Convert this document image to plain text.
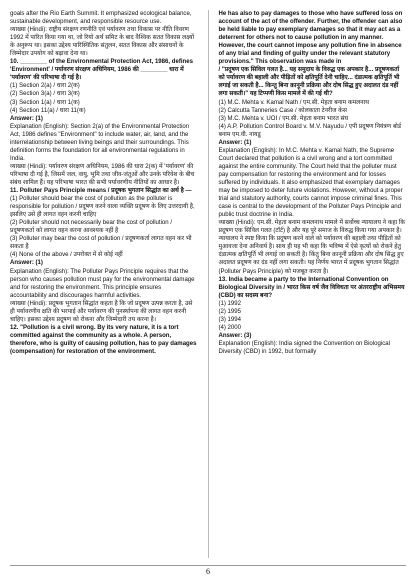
goals after the Rio Earth Summit. It emphasized ecological balance, sustainable development, and responsible resource use.

व्याख्या (Hindi): राष्ट्रीय संरक्षण रणनीति एवं पर्यावरण तथा विकास पर नीति विवरण 1992 में पारित किया गया था, जो रियो अर्थ समिट के बाद वैश्विक सतत विकास लक्ष्यों के अनुरूप था। इसका उद्देश्य पारिस्थितिक संतुलन, सतत विकास और संसाधनों के जिम्मेदार उपयोग को बढ़ावा देना था।

10. ________ of the Environmental Protection Act, 1986, defines 'Environment' / पर्यावरण संरक्षण अधिनियम, 1986 की ________ धारा में 'पर्यावरण' की परिभाषा दी गई है।

(1) Section 2(a) / धारा 2(क)

(2) Section 3(a) / धारा 3(क)

(3) Section 1(a) / धारा 1(क)

(4) Section 11(a) / धारा 11(क)

Answer: (1)

Explanation (English): Section 2(a) of the Environmental Protection Act, 1986 defines "Environment" to include water, air, land, and the interrelationship between living beings and their surroundings. This definition forms the foundation for all environmental regulations in India.

व्याख्या (Hindi): पर्यावरण संरक्षण अधिनियम, 1986 की धारा 2(क) में 'पर्यावरण' की परिभाषा दी गई है, जिसमें जल, वायु, भूमि तथा जीव-जंतुओं और उनके परिवेश के बीच संबंध शामिल हैं। यह परिभाषा भारत की सभी पर्यावरणीय नीतियों का आधार है।

11. Polluter Pays Principle means / प्रदूषक भुगतान सिद्धांत का अर्थ है —

(1) Polluter should bear the cost of pollution as the polluter is responsible for pollution / प्रदूषण करने वाला व्यक्ति प्रदूषण के लिए उत्तरदायी है, इसलिए उसे ही लागत वहन करनी चाहिए

(2) Polluter should not necessarily bear the cost of pollution / प्रदूषणकर्ता को लागत वहन करना आवश्यक नहीं है

(3) Polluter may bear the cost of pollution / प्रदूषणकर्ता लागत वहन कर भी सकता है

(4) None of the above / उपरोक्त में से कोई नहीं

Answer: (1)

Explanation (English): The Polluter Pays Principle requires that the person who causes pollution must pay for the environmental damage and for restoring the environment. This principle ensures accountability and discourages harmful activities.

व्याख्या (Hindi): प्रदूषक भुगतान सिद्धांत कहता है कि जो प्रदूषण उत्पन्न करता है, उसे ही पर्यावरणीय क्षति की भरपाई और पर्यावरण की पुनर्स्थापना की लागत वहन करनी चाहिए। इसका उद्देश्य प्रदूषण को रोकना और जिम्मेदारी तय करना है।

12. "Pollution is a civil wrong. By its very nature, it is a tort committed against the community as a whole. A person, therefore, who is guilty of causing pollution, has to pay damages (compensation) for restoration of the environment.

He has also to pay damages to those who have suffered loss on account of the act of the offender. Further, the offender can also be held liable to pay exemplary damages so that it may act as a deterrent for others not to cause pollution in any manner. However, the court cannot impose any pollution fine in absence of any trial and finding of guilty under the relevant statutory provisions." This observation was made in

/ "प्रदूषण एक सिविल गलत है... यह समुदाय के विरुद्ध एक अपकार है... प्रदूषणकर्ता को पर्यावरण की बहाली और पीड़ितों को क्षतिपूर्ति देनी चाहिए... दंडात्मक क्षतिपूर्ति भी लगाई जा सकती है... किन्तु बिना क़ानूनी प्रक्रिया और दोष सिद्ध हुए अदालत दंड नहीं लगा सकती।" यह टिप्पणी किस मामले में की गई थी?

(1) M.C. Mehta v. Kamal Nath / एम.सी. मेहता बनाम कमलनाथ

(2) Calcutta Tanneries Case / कोलकाता टेनरीज केस

(3) M.C. Mehta v. UOI / एम.सी. मेहता बनाम भारत संघ

(4) A.P. Pollution Control Board v. M.V. Nayudu / एपी प्रदूषण नियंत्रण बोर्ड बनाम एम.वी. नायडू

Answer: (1)

Explanation (English): In M.C. Mehta v. Kamal Nath, the Supreme Court declared that pollution is a civil wrong and a tort committed against the entire community. The Court held that the polluter must pay compensation for restoring the environment and for losses suffered by individuals. It also emphasized that exemplary damages may be imposed to deter future violations. However, without a proper trial and statutory authority, courts cannot impose criminal fines. This case is central to the development of the Polluter Pays Principle and public trust doctrine in India.

व्याख्या (Hindi): एम.सी. मेहता बनाम कमलनाथ मामले में सर्वोच्च न्यायालय ने कहा कि प्रदूषण एक सिविल गलत (टॉर्ट) है और यह पूरे समाज के विरुद्ध किया गया अपकार है। न्यायालय ने स्पष्ट किया कि प्रदूषण करने वाले को पर्यावरण की बहाली तथा पीड़ितों को मुआवजा देना अनिवार्य है। साथ ही यह भी कहा कि भविष्य में ऐसे कृत्यों को रोकने हेतु दंडात्मक क्षतिपूर्ति भी लगाई जा सकती है। किंतु बिना क़ानूनी प्रक्रिया और दोष सिद्ध हुए अदालत प्रदूषण का दंड नहीं लगा सकती। यह निर्णय भारत में प्रदूषक भुगतान सिद्धांत (Polluter Pays Principle) को मजबूत करता है।

13. India became a party to the International Convention on Biological Diversity in / भारत किस वर्ष जैव विविधता पर अंतरराष्ट्रीय अभिसमय (CBD) का सदस्य बना?

(1) 1992

(2) 1995

(3) 1994

(4) 2000

Answer: (3)

Explanation (English): India signed the Convention on Biological Diversity (CBD) in 1992, but formally

6
